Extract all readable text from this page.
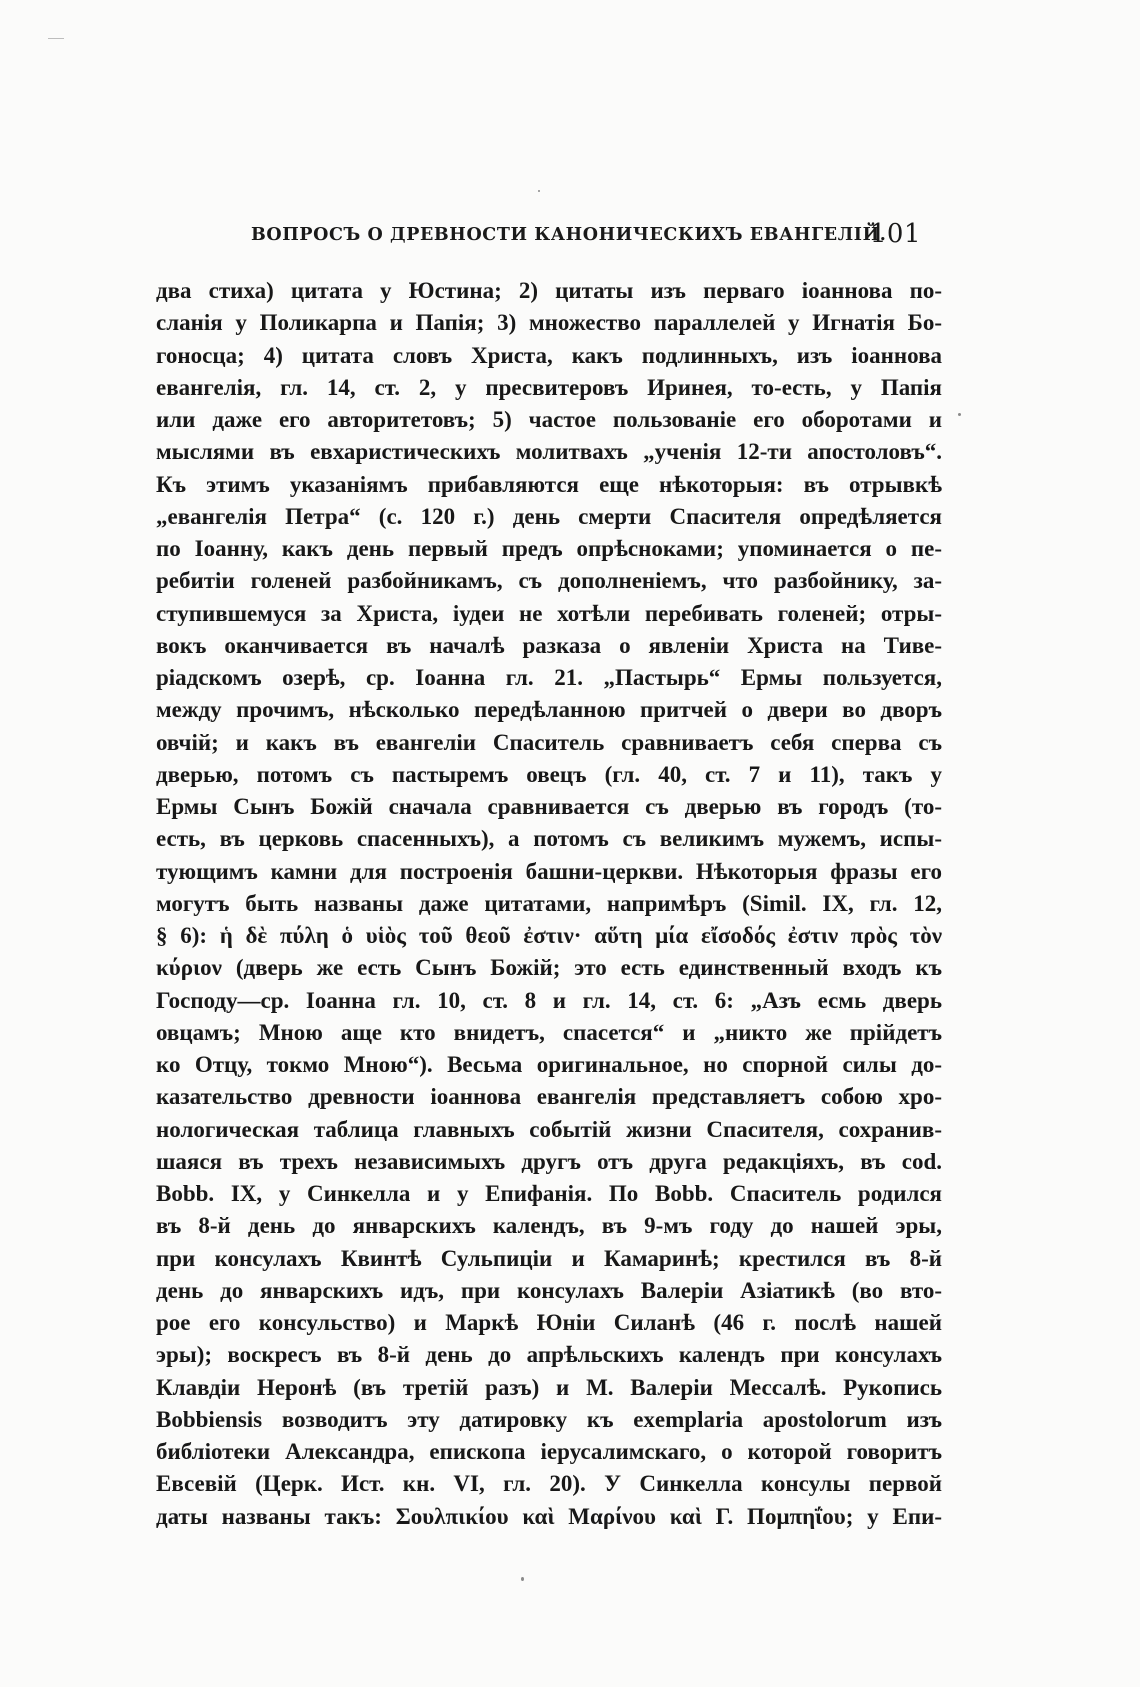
ВОПРОСЪ О ДРЕВНОСТИ КАНОНИЧЕСКИХЪ ЕВАНГЕЛІЙ.
101
два стиха) цитата у Юстина; 2) цитаты изъ перваго іоаннова по-
сланія у Поликарпа и Папія; 3) множество параллелей у Игнатія Бо-
гоносца; 4) цитата словъ Христа, какъ подлинныхъ, изъ іоаннова
евангелія, гл. 14, ст. 2, у пресвитеровъ Иринея, то-есть, у Папія
или даже его авторитетовъ; 5) частое пользованіе его оборотами и
мыслями въ евхаристическихъ молитвахъ „ученія 12-ти апостоловъ“.
Къ этимъ указаніямъ прибавляются еще нѣкоторыя: въ отрывкѣ
„евангелія Петра“ (с. 120 г.) день смерти Спасителя опредѣляется
по Іоанну, какъ день первый предъ опрѣсноками; упоминается о пе-
ребитіи голеней разбойникамъ, съ дополненіемъ, что разбойнику, за-
ступившемуся за Христа, іудеи не хотѣли перебивать голеней; отры-
вокъ оканчивается въ началѣ разказа о явленіи Христа на Тиве-
ріадскомъ озерѣ, ср. Іоанна гл. 21. „Пастырь“ Ермы пользуется,
между прочимъ, нѣсколько передѣланною притчей о двери во дворъ
овчій; и какъ въ евангеліи Спаситель сравниваетъ себя сперва съ
дверью, потомъ съ пастыремъ овецъ (гл. 40, ст. 7 и 11), такъ у
Ермы Сынъ Божій сначала сравнивается съ дверью въ городъ (то-
есть, въ церковь спасенныхъ), а потомъ съ великимъ мужемъ, испы-
тующимъ камни для построенія башни-церкви. Нѣкоторыя фразы его
могутъ быть названы даже цитатами, напримѣръ (Simil. IX, гл. 12,
§ 6): ἡ δὲ πύλη ὁ υἱὸς τοῦ θεοῦ ἐστιν· αὕτη μία εἴσοδός ἐστιν πρὸς τὸν
κύριον (дверь же есть Сынъ Божій; это есть единственный входъ къ
Господу—ср. Іоанна гл. 10, ст. 8 и гл. 14, ст. 6: „Азъ есмь дверь
овцамъ; Мною аще кто внидетъ, спасется“ и „никто же прійдетъ
ко Отцу, токмо Мною“). Весьма оригинальное, но спорной силы до-
казательство древности іоаннова евангелія представляетъ собою хро-
нологическая таблица главныхъ событій жизни Спасителя, сохранив-
шаяся въ трехъ независимыхъ другъ отъ друга редакціяхъ, въ cod.
Bobb. IX, у Синкелла и у Епифанія. По Bobb. Спаситель родился
въ 8-й день до январскихъ календъ, въ 9-мъ году до нашей эры,
при консулахъ Квинтѣ Сульпиціи и Камаринѣ; крестился въ 8-й
день до январскихъ идъ, при консулахъ Валеріи Азіатикѣ (во вто-
рое его консульство) и Маркѣ Юніи Силанѣ (46 г. послѣ нашей
эры); воскресъ въ 8-й день до апрѣльскихъ календъ при консулахъ
Клавдіи Неронѣ (въ третій разъ) и М. Валеріи Мессалѣ. Рукопись
Bobbiensis возводитъ эту датировку къ exemplaria apostolorum изъ
библіотеки Александра, епископа іерусалимскаго, о которой говоритъ
Евсевій (Церк. Ист. кн. VI, гл. 20). У Синкелла консулы первой
даты названы такъ: Σουλπικίου καὶ Μαρίνου καὶ Γ. Πομπηΐου; у Епи-
